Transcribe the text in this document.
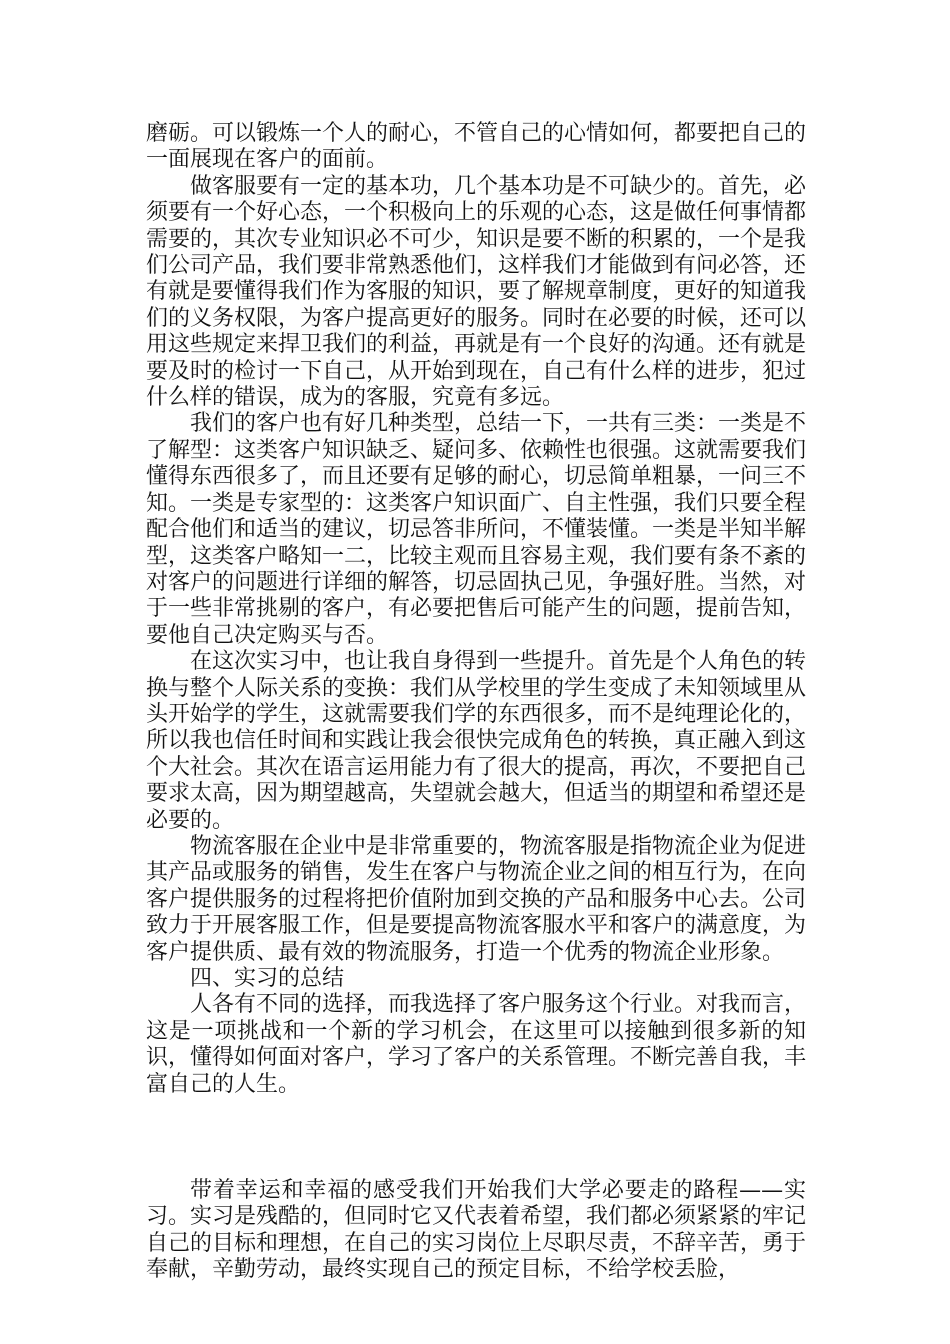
磨砺。可以锻炼一个人的耐心，不管自己的心情如何，都要把自己的一面展现在客户的面前。

做客服要有一定的基本功，几个基本功是不可缺少的。首先，必须要有一个好心态，一个积极向上的乐观的心态，这是做任何事情都需要的，其次专业知识必不可少，知识是要不断的积累的，一个是我们公司产品，我们要非常熟悉他们，这样我们才能做到有问必答，还有就是要懂得我们作为客服的知识，要了解规章制度，更好的知道我们的义务权限，为客户提高更好的服务。同时在必要的时候，还可以用这些规定来捍卫我们的利益，再就是有一个良好的沟通。还有就是要及时的检讨一下自己，从开始到现在，自己有什么样的进步，犯过什么样的错误，成为的客服，究竟有多远。

我们的客户也有好几种类型，总结一下，一共有三类：一类是不了解型：这类客户知识缺乏、疑问多、依赖性也很强。这就需要我们懂得东西很多了，而且还要有足够的耐心，切忌简单粗暴，一问三不知。一类是专家型的：这类客户知识面广、自主性强，我们只要全程配合他们和适当的建议，切忌答非所问，不懂装懂。一类是半知半解型，这类客户略知一二，比较主观而且容易主观，我们要有条不紊的对客户的问题进行详细的解答，切忌固执己见，争强好胜。当然，对于一些非常挑剔的客户，有必要把售后可能产生的问题，提前告知，要他自己决定购买与否。

在这次实习中，也让我自身得到一些提升。首先是个人角色的转换与整个人际关系的变换：我们从学校里的学生变成了未知领域里从头开始学的学生，这就需要我们学的东西很多，而不是纯理论化的，所以我也信任时间和实践让我会很快完成角色的转换，真正融入到这个大社会。其次在语言运用能力有了很大的提高，再次，不要把自己要求太高，因为期望越高，失望就会越大，但适当的期望和希望还是必要的。

物流客服在企业中是非常重要的，物流客服是指物流企业为促进其产品或服务的销售，发生在客户与物流企业之间的相互行为，在向客户提供服务的过程将把价值附加到交换的产品和服务中心去。公司致力于开展客服工作，但是要提高物流客服水平和客户的满意度，为客户提供质、最有效的物流服务，打造一个优秀的物流企业形象。

四、实习的总结

人各有不同的选择，而我选择了客户服务这个行业。对我而言，这是一项挑战和一个新的学习机会，在这里可以接触到很多新的知识，懂得如何面对客户，学习了客户的关系管理。不断完善自我，丰富自己的人生。

带着幸运和幸福的感受我们开始我们大学必要走的路程——实习。实习是残酷的，但同时它又代表着希望，我们都必须紧紧的牢记自己的目标和理想，在自己的实习岗位上尽职尽责，不辞辛苦，勇于奉献，辛勤劳动，最终实现自己的预定目标，不给学校丢脸，
